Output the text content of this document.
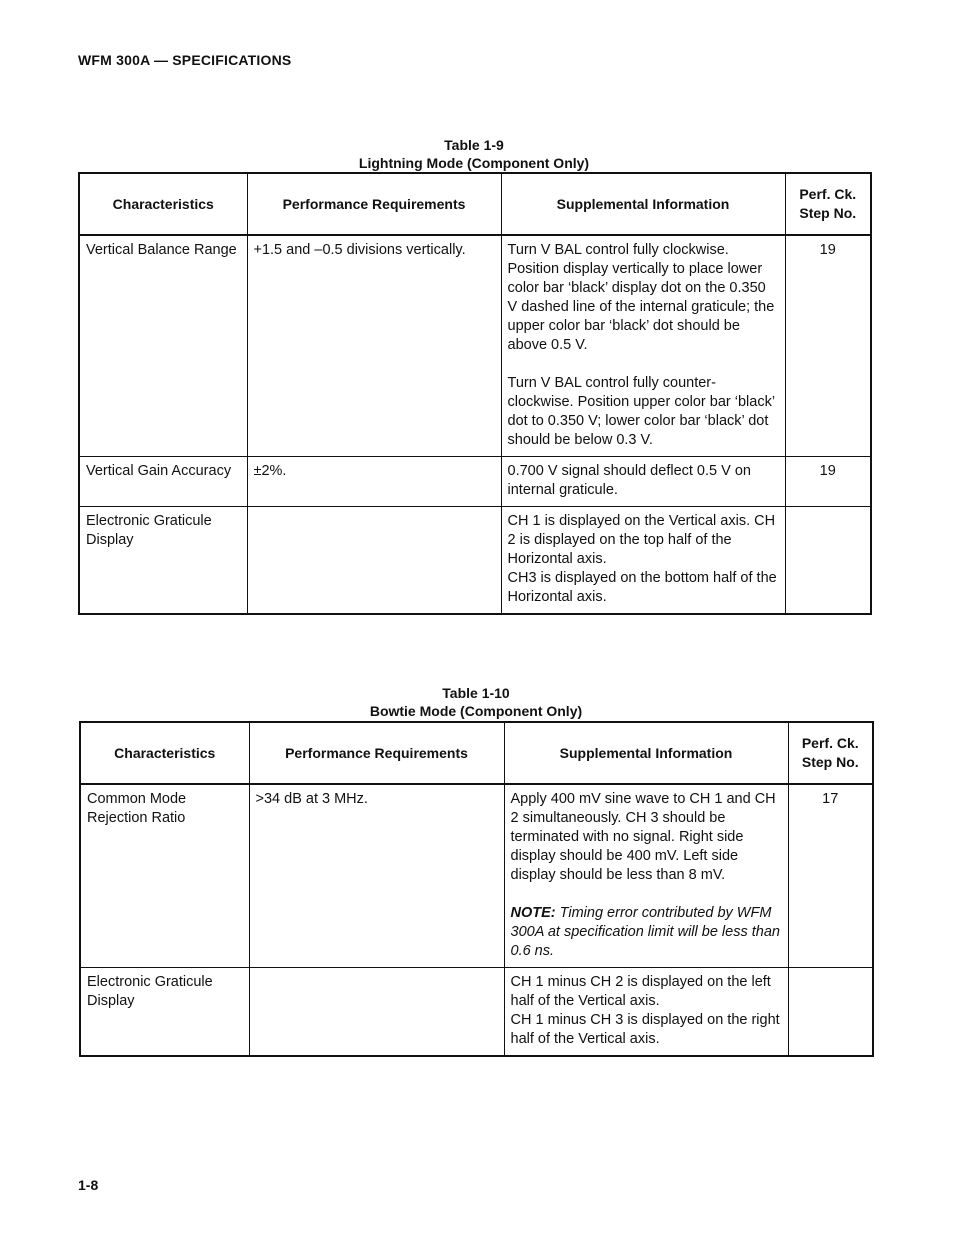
WFM 300A — SPECIFICATIONS
Table 1-9
Lightning Mode (Component Only)
Characteristics	Performance Requirements	Supplemental Information	Perf. Ck.
Step No.

Vertical Balance Range	+1.5 and –0.5 divisions vertically.	Turn V BAL control fully clockwise. Position display vertically to place lower color bar ‘black’ display dot on the 0.350 V dashed line of the internal graticule; the upper color bar ‘black’ dot should be above 0.5 V.
Turn V BAL control fully counter-clockwise. Position upper color bar ‘black’ dot to 0.350 V; lower color bar ‘black’ dot should be below 0.3 V.	19
Vertical Gain Accuracy	±2%.	0.700 V signal should deflect 0.5 V on internal graticule.	19
Electronic Graticule Display		CH 1 is displayed on the Vertical axis. CH 2 is displayed on the top half of the Horizontal axis.
CH3 is displayed on the bottom half of the Horizontal axis.	

Table 1-10
Bowtie Mode (Component Only)
Characteristics	Performance Requirements	Supplemental Information	Perf. Ck.
Step No.

Common Mode Rejection Ratio	>34 dB at 3 MHz.	Apply 400 mV sine wave to CH 1 and CH 2 simultaneously. CH 3 should be terminated with no signal. Right side display should be 400 mV. Left side display should be less than 8 mV.
NOTE: Timing error contributed by WFM 300A at specification limit will be less than 0.6 ns.	17
Electronic Graticule Display		CH 1 minus CH 2 is displayed on the left half of the Vertical axis.
CH 1 minus CH 3 is displayed on the right half of the Vertical axis.	

1-8
